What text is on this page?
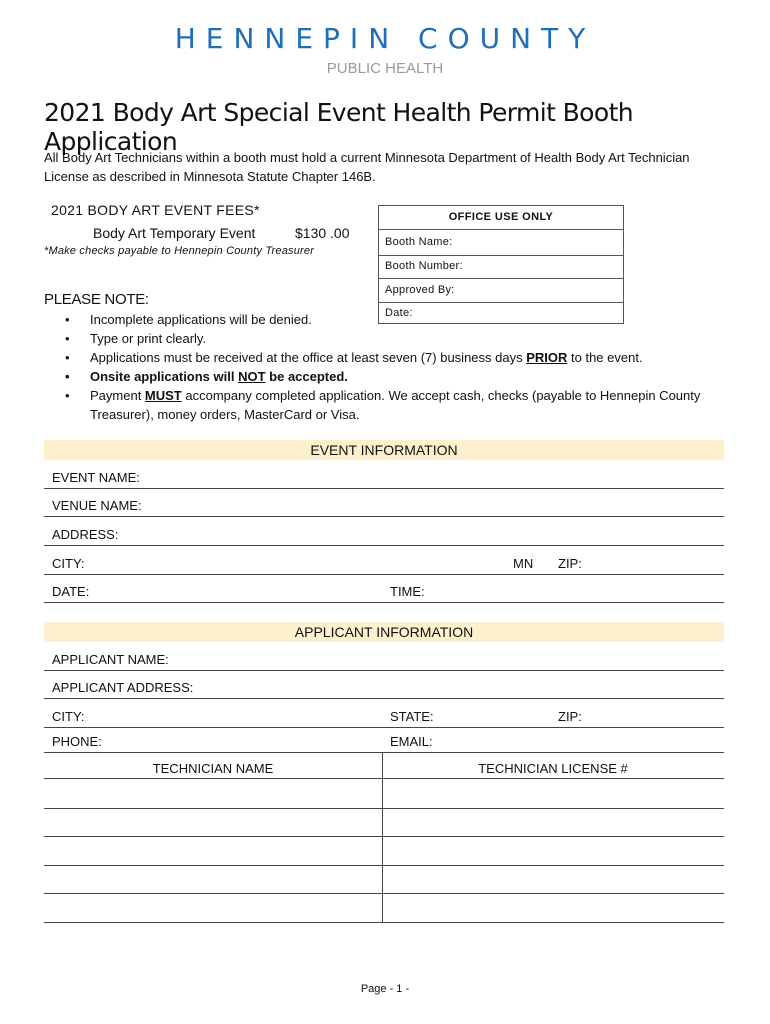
HENNEPIN COUNTY
PUBLIC HEALTH
2021 Body Art Special Event Health Permit Booth Application
All Body Art Technicians within a booth must hold a current Minnesota Department of Health Body Art Technician License as described in Minnesota Statute Chapter 146B.
2021 BODY ART EVENT FEES*
Body Art Temporary Event	$130 .00
*Make checks payable to Hennepin County Treasurer
OFFICE USE ONLY
Booth Name:
Booth Number:
Approved By:
Date:
PLEASE NOTE:
• Incomplete applications will be denied.
• Type or print clearly.
• Applications must be received at the office at least seven (7) business days PRIOR to the event.
• Onsite applications will NOT be accepted.
• Payment MUST accompany completed application. We accept cash, checks (payable to Hennepin County Treasurer), money orders, MasterCard or Visa.
EVENT INFORMATION
EVENT NAME:
VENUE NAME:
ADDRESS:
CITY:	MN ZIP:
DATE:	TIME:
APPLICANT INFORMATION
APPLICANT NAME:
APPLICANT ADDRESS:
CITY:	STATE:	ZIP:
PHONE:	EMAIL:
TECHNICIAN NAME	TECHNICIAN LICENSE #
Page - 1 -
